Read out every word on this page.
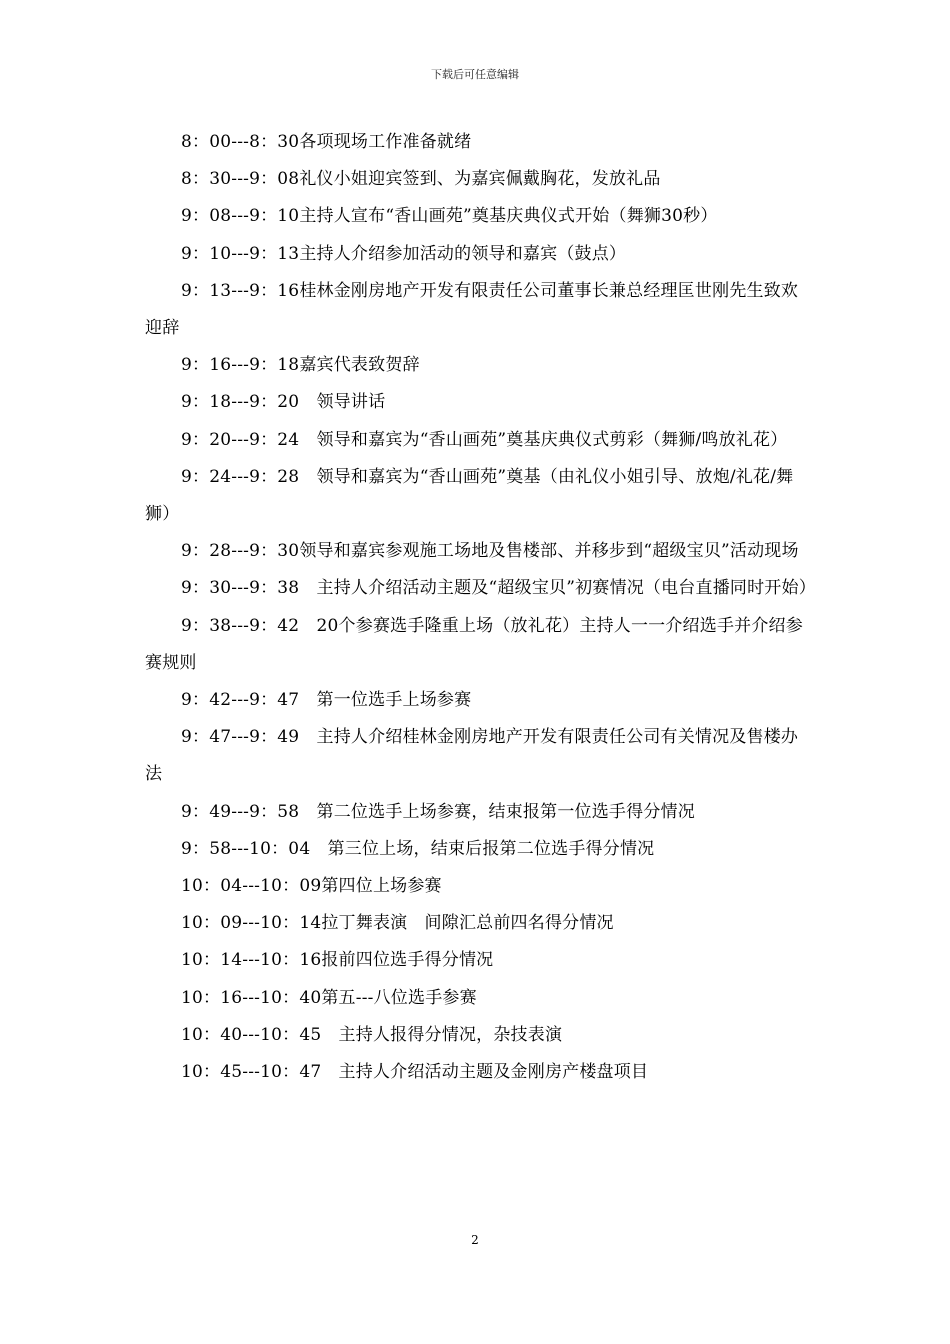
下载后可任意编辑

8：00---8：30各项现场工作准备就绪

8：30---9：08礼仪小姐迎宾签到、为嘉宾佩戴胸花，发放礼品

9：08---9：10主持人宣布“香山画苑”奠基庆典仪式开始（舞狮30秒）

9：10---9：13主持人介绍参加活动的领导和嘉宾（鼓点）

9：13---9：16桂林金刚房地产开发有限责任公司董事长兼总经理匡世刚先生致欢迎辞

9：16---9：18嘉宾代表致贺辞

9：18---9：20　领导讲话

9：20---9：24　领导和嘉宾为“香山画苑”奠基庆典仪式剪彩（舞狮/鸣放礼花）

9：24---9：28　领导和嘉宾为“香山画苑”奠基（由礼仪小姐引导、放炮/礼花/舞狮）

9：28---9：30领导和嘉宾参观施工场地及售楼部、并移步到“超级宝贝”活动现场

9：30---9：38　主持人介绍活动主题及“超级宝贝”初赛情况（电台直播同时开始）

9：38---9：42　20个参赛选手隆重上场（放礼花）主持人一一介绍选手并介绍参赛规则

9：42---9：47　第一位选手上场参赛

9：47---9：49　主持人介绍桂林金刚房地产开发有限责任公司有关情况及售楼办法

9：49---9：58　第二位选手上场参赛，结束报第一位选手得分情况

9：58---10：04　第三位上场，结束后报第二位选手得分情况

10：04---10：09第四位上场参赛

10：09---10：14拉丁舞表演　间隙汇总前四名得分情况

10：14---10：16报前四位选手得分情况

10：16---10：40第五---八位选手参赛

10：40---10：45　主持人报得分情况，杂技表演

10：45---10：47　主持人介绍活动主题及金刚房产楼盘项目

2
